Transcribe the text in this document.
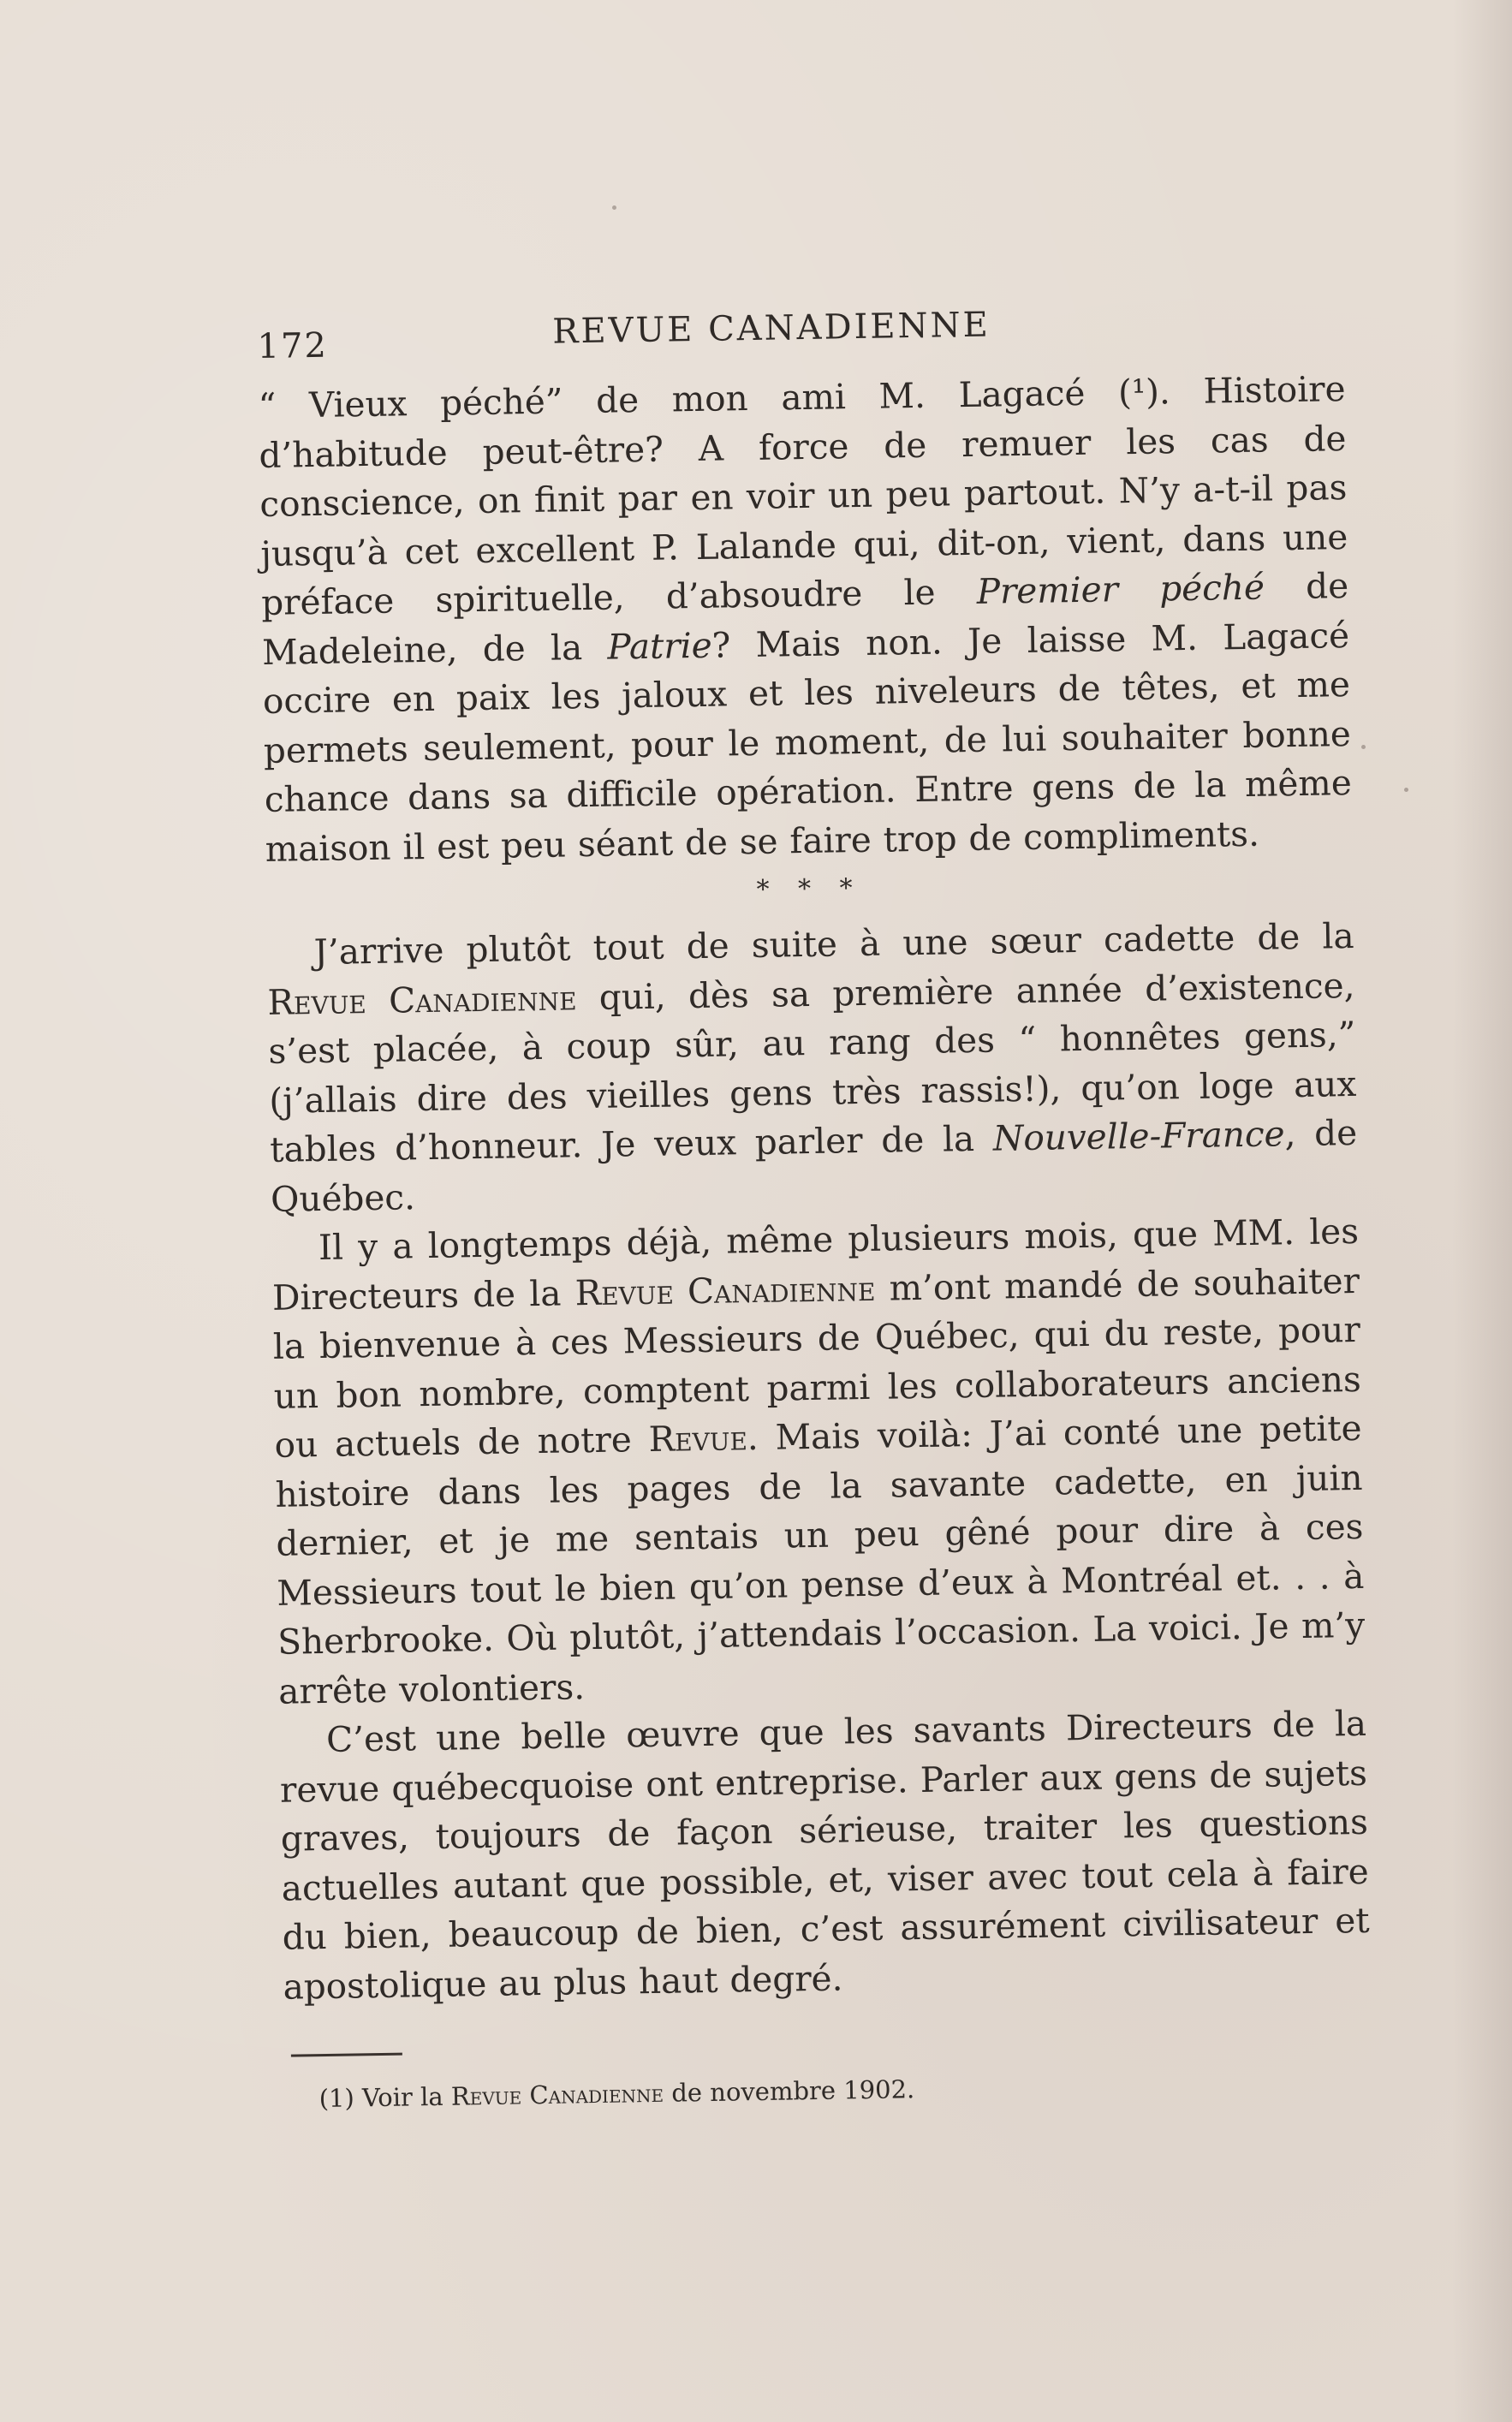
172	REVUE CANADIENNE

“ Vieux péché” de mon ami M. Lagacé (¹). Histoire d’habitude peut-être? A force de remuer les cas de conscience, on finit par en voir un peu partout. N’y a-t-il pas jusqu’à cet excellent P. Lalande qui, dit-on, vient, dans une préface spirituelle, d’absoudre le Premier péché de Madeleine, de la Patrie? Mais non. Je laisse M. Lagacé occire en paix les jaloux et les niveleurs de têtes, et me permets seulement, pour le moment, de lui souhaiter bonne chance dans sa difficile opération. Entre gens de la même maison il est peu séant de se faire trop de compliments.

* * *

J’arrive plutôt tout de suite à une sœur cadette de la Revue Canadienne qui, dès sa première année d’existence, s’est placée, à coup sûr, au rang des “ honnêtes gens,” (j’allais dire des vieilles gens très rassis!), qu’on loge aux tables d’honneur. Je veux parler de la Nouvelle-France, de Québec.

Il y a longtemps déjà, même plusieurs mois, que MM. les Directeurs de la Revue Canadienne m’ont mandé de souhaiter la bienvenue à ces Messieurs de Québec, qui du reste, pour un bon nombre, comptent parmi les collaborateurs anciens ou actuels de notre Revue. Mais voilà: J’ai conté une petite histoire dans les pages de la savante cadette, en juin dernier, et je me sentais un peu gêné pour dire à ces Messieurs tout le bien qu’on pense d’eux à Montréal et. . . à Sherbrooke. Où plutôt, j’attendais l’occasion. La voici. Je m’y arrête volontiers.

C’est une belle œuvre que les savants Directeurs de la revue québecquoise ont entreprise. Parler aux gens de sujets graves, toujours de façon sérieuse, traiter les questions actuelles autant que possible, et, viser avec tout cela à faire du bien, beaucoup de bien, c’est assurément civilisateur et apostolique au plus haut degré.

(1) Voir la Revue Canadienne de novembre 1902.
